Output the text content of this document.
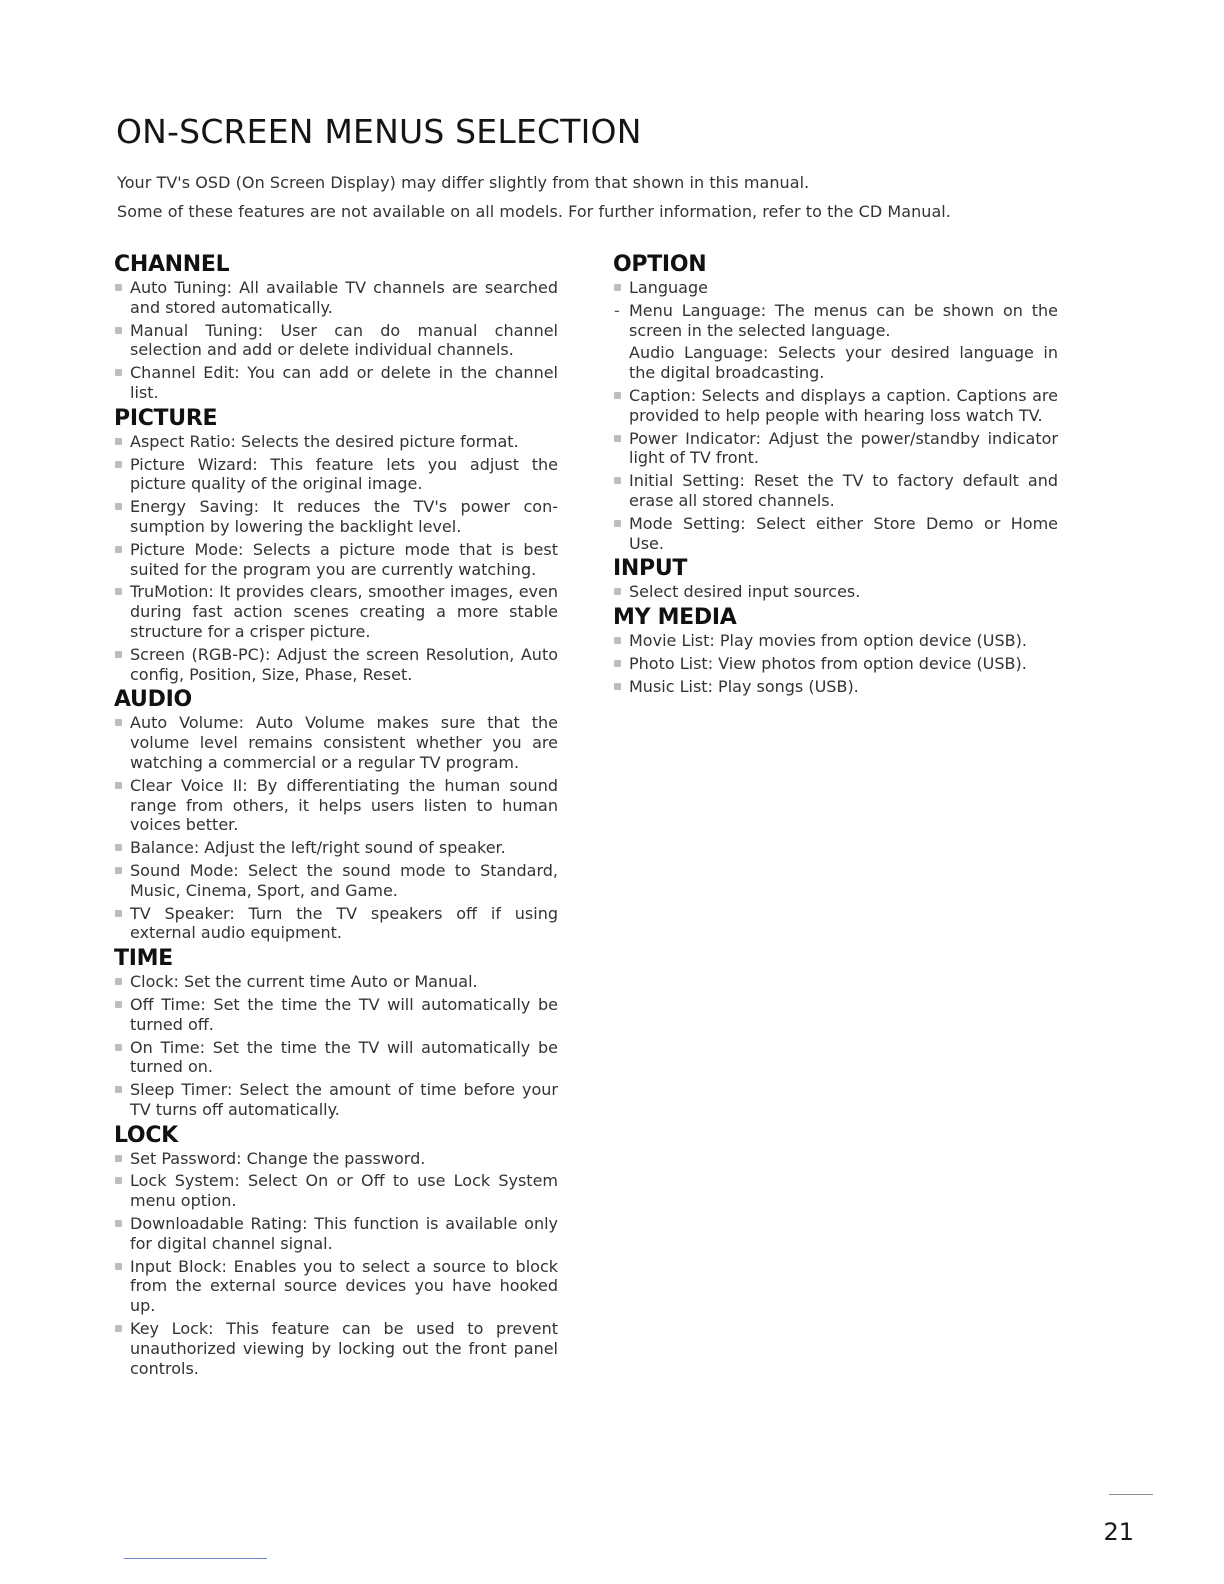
ON-SCREEN MENUS SELECTION

Your TV's OSD (On Screen Display) may differ slightly from that shown in this manual.

Some of these features are not available on all models. For further information, refer to the CD Manual.

CHANNEL
Auto Tuning: All available TV channels are searched and stored automatically.
Manual Tuning: User can do manual channel selection and add or delete individual channels.
Channel Edit: You can add or delete in the channel list.
PICTURE
Aspect Ratio: Selects the desired picture format.
Picture Wizard: This feature lets you adjust the picture quality of the original image.
Energy Saving: It reduces the TV's power consumption by lowering the backlight level.
Picture Mode: Selects a picture mode that is best suited for the program you are currently watching.
TruMotion: It provides clears, smoother images, even during fast action scenes creating a more stable structure for a crisper picture.
Screen (RGB-PC): Adjust the screen Resolution, Auto config, Position, Size, Phase, Reset.
AUDIO
Auto Volume: Auto Volume makes sure that the volume level remains consistent whether you are watching a commercial or a regular TV program.
Clear Voice II: By differentiating the human sound range from others, it helps users listen to human voices better.
Balance: Adjust the left/right sound of speaker.
Sound Mode: Select the sound mode to Standard, Music, Cinema, Sport, and Game.
TV Speaker: Turn the TV speakers off if using external audio equipment.
TIME
Clock: Set the current time Auto or Manual.
Off Time: Set the time the TV will automatically be turned off.
On Time: Set the time the TV will automatically be turned on.
Sleep Timer: Select the amount of time before your TV turns off automatically.
LOCK
Set Password: Change the password.
Lock System: Select On or Off to use Lock System menu option.
Downloadable Rating: This function is available only for digital channel signal.
Input Block: Enables you to select a source to block from the external source devices you have hooked up.
Key Lock: This feature can be used to prevent unauthorized viewing by locking out the front panel controls.
OPTION
Language
- Menu Language: The menus can be shown on the screen in the selected language.
Audio Language: Selects your desired language in the digital broadcasting.
Caption: Selects and displays a caption. Captions are provided to help people with hearing loss watch TV.
Power Indicator: Adjust the power/standby indicator light of TV front.
Initial Setting: Reset the TV to factory default and erase all stored channels.
Mode Setting: Select either Store Demo or Home Use.
INPUT
Select desired input sources.
MY MEDIA
Movie List: Play movies from option device (USB).
Photo List: View photos from option device (USB).
Music List: Play songs (USB).
21
